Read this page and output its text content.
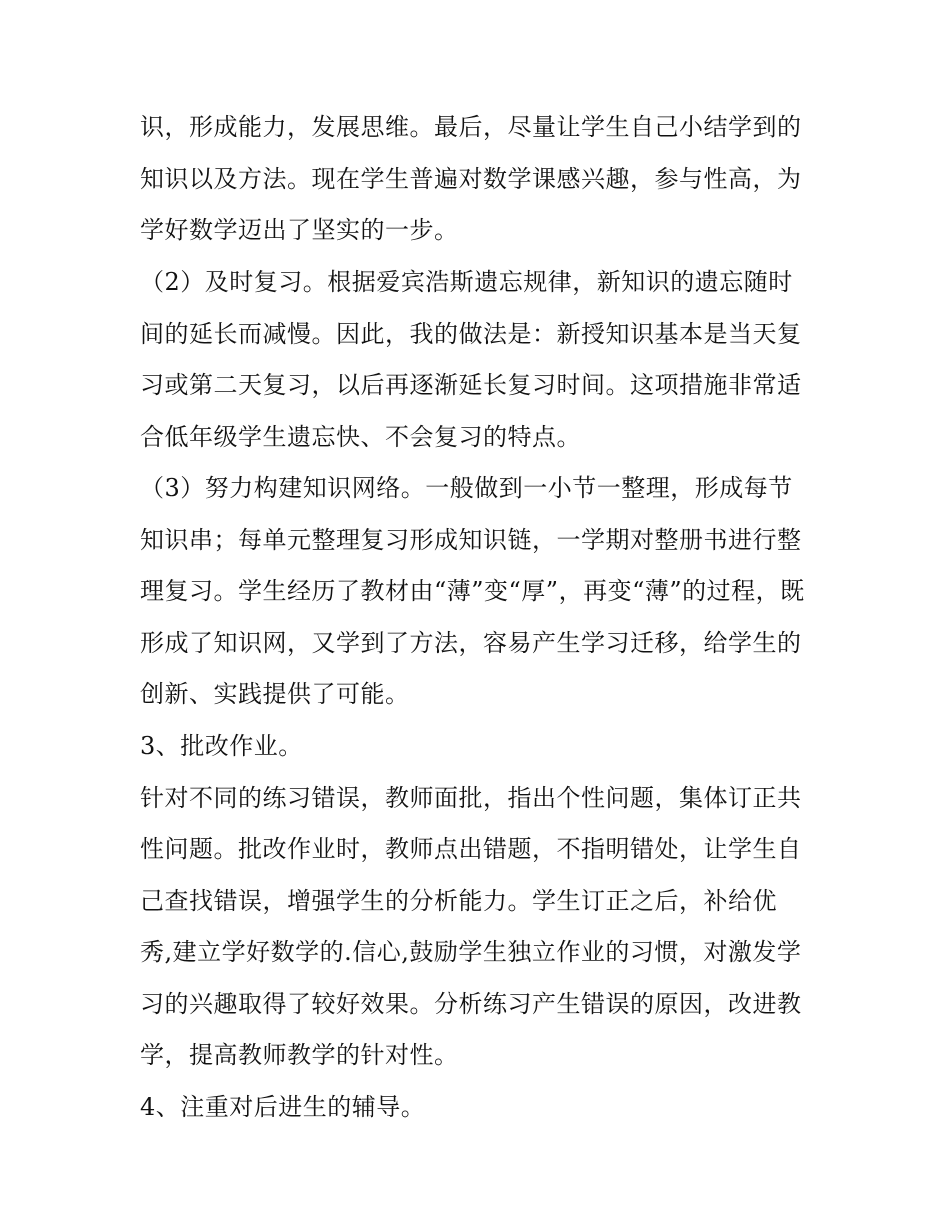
识，形成能力，发展思维。最后，尽量让学生自己小结学到的
知识以及方法。现在学生普遍对数学课感兴趣，参与性高，为
学好数学迈出了坚实的一步。
（2）及时复习。根据爱宾浩斯遗忘规律，新知识的遗忘随时
间的延长而减慢。因此，我的做法是：新授知识基本是当天复
习或第二天复习，以后再逐渐延长复习时间。这项措施非常适
合低年级学生遗忘快、不会复习的特点。
（3）努力构建知识网络。一般做到一小节一整理，形成每节
知识串；每单元整理复习形成知识链，一学期对整册书进行整
理复习。学生经历了教材由“薄”变“厚”，再变“薄”的过程，既
形成了知识网，又学到了方法，容易产生学习迁移，给学生的
创新、实践提供了可能。
3、批改作业。
针对不同的练习错误，教师面批，指出个性问题，集体订正共
性问题。批改作业时，教师点出错题，不指明错处，让学生自
己查找错误，增强学生的分析能力。学生订正之后，补给优
秀,建立学好数学的.信心,鼓励学生独立作业的习惯，对激发学
习的兴趣取得了较好效果。分析练习产生错误的原因，改进教
学，提高教师教学的针对性。
4、注重对后进生的辅导。
